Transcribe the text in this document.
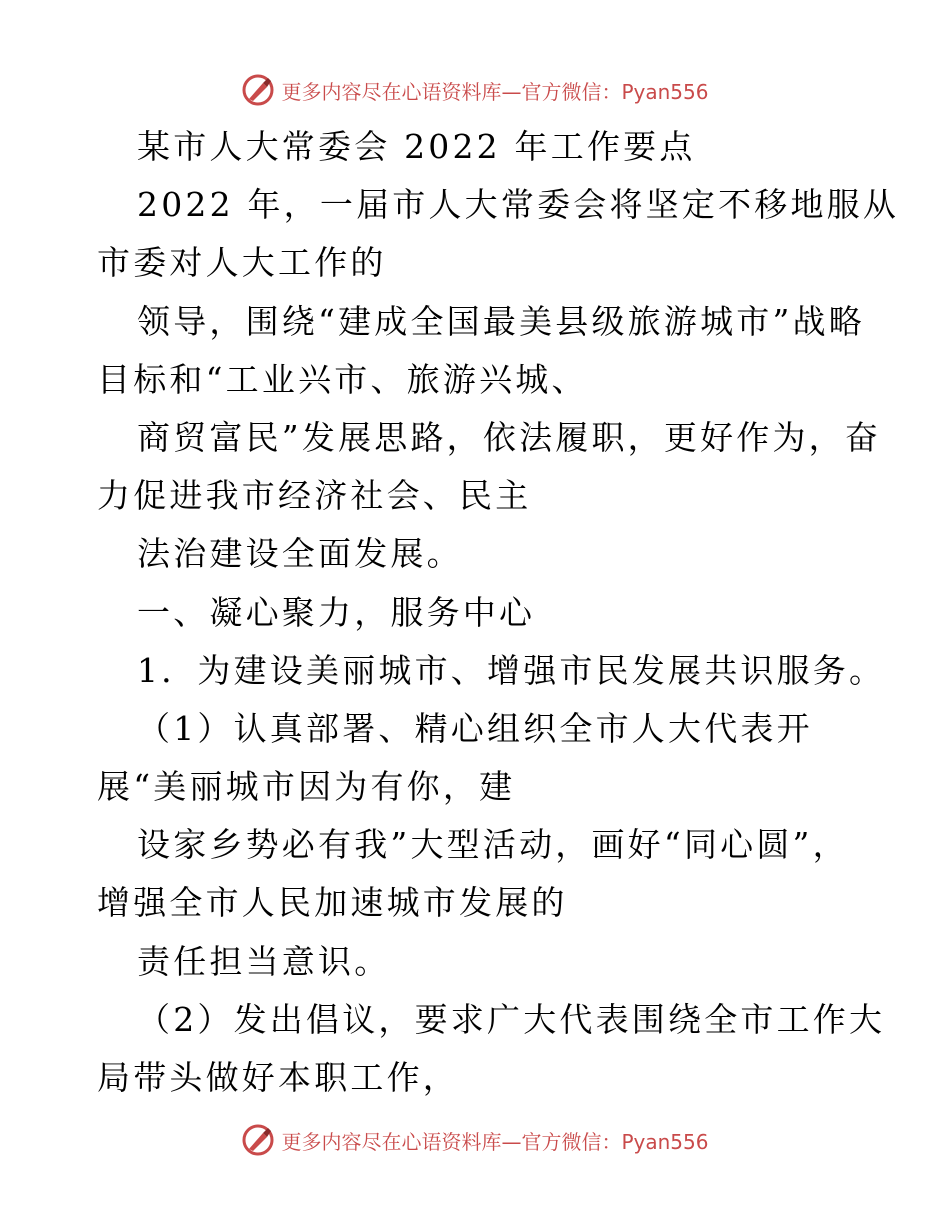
更多内容尽在心语资料库—官方微信：Pyan556
某市人大常委会 2022 年工作要点
2022 年，一届市人大常委会将坚定不移地服从
市委对人大工作的
领导，围绕“建成全国最美县级旅游城市”战略
目标和“工业兴市、旅游兴城、
商贸富民”发展思路，依法履职，更好作为，奋
力促进我市经济社会、民主
法治建设全面发展。
一、凝心聚力，服务中心
1．为建设美丽城市、增强市民发展共识服务。
（1）认真部署、精心组织全市人大代表开
展“美丽城市因为有你，建
设家乡势必有我”大型活动，画好“同心圆”，
增强全市人民加速城市发展的
责任担当意识。
（2）发出倡议，要求广大代表围绕全市工作大
局带头做好本职工作，
更多内容尽在心语资料库—官方微信：Pyan556
